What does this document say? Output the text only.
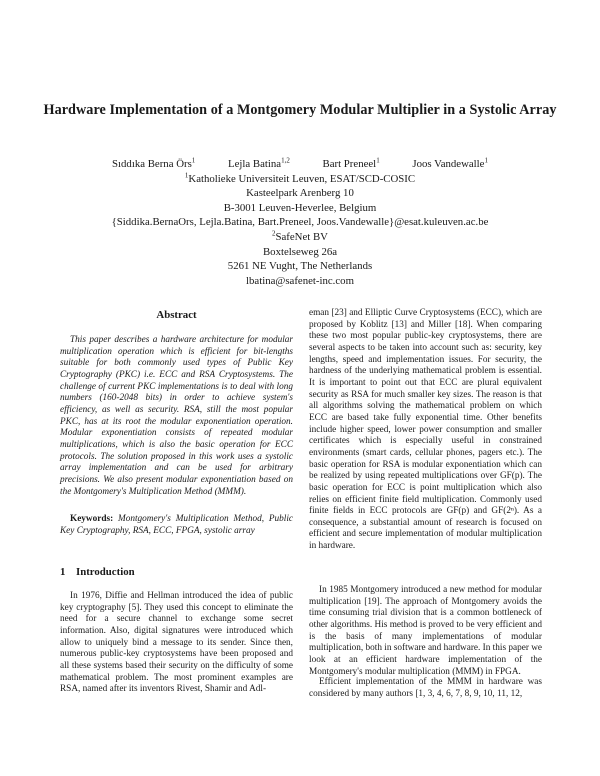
Hardware Implementation of a Montgomery Modular Multiplier in a Systolic Array
Sıddıka Berna Örs$^1$	Lejla Batina$^{1,2}$	Bart Preneel$^1$	Joos Vandewalle$^1$
$^1$Katholieke Universiteit Leuven, ESAT/SCD-COSIC
Kasteelpark Arenberg 10
B-3001 Leuven-Heverlee, Belgium
{Siddika.BernaOrs, Lejla.Batina, Bart.Preneel, Joos.Vandewalle}@esat.kuleuven.ac.be
$^2$SafeNet BV
Boxtelseweg 26a
5261 NE Vught, The Netherlands
lbatina@safenet-inc.com
Abstract

This paper describes a hardware architecture for modular multiplication operation which is efficient for bit-lengths suitable for both commonly used types of Public Key Cryptography (PKC) i.e. ECC and RSA Cryptosystems. The challenge of current PKC implementations is to deal with long numbers (160-2048 bits) in order to achieve system's efficiency, as well as security. RSA, still the most popular PKC, has at its root the modular exponentiation operation. Modular exponentiation consists of repeated modular multiplications, which is also the basic operation for ECC protocols. The solution proposed in this work uses a systolic array implementation and can be used for arbitrary precisions. We also present modular exponentiation based on the Montgomery's Multiplication Method (MMM).

Keywords: Montgomery's Multiplication Method, Public Key Cryptography, RSA, ECC, FPGA, systolic array

1 Introduction

In 1976, Diffie and Hellman introduced the idea of public key cryptography [5]. They used this concept to eliminate the need for a secure channel to exchange some secret information. Also, digital signatures were introduced which allow to uniquely bind a message to its sender. Since then, numerous public-key cryptosystems have been proposed and all these systems based their security on the difficulty of some mathematical problem. The most prominent examples are RSA, named after its inventors Rivest, Shamir and Adl-

eman [23] and Elliptic Curve Cryptosystems (ECC), which are proposed by Koblitz [13] and Miller [18]. When comparing these two most popular public-key cryptosystems, there are several aspects to be taken into account such as: security, key lengths, speed and implementation issues. For security, the hardness of the underlying mathematical problem is essential. It is important to point out that ECC are plural equivalent security as RSA for much smaller key sizes. The reason is that all algorithms solving the mathematical problem on which ECC are based take fully exponential time. Other benefits include higher speed, lower power consumption and smaller certificates which is especially useful in constrained environments (smart cards, cellular phones, pagers etc.). The basic operation for RSA is modular exponentiation which can be realized by using repeated multiplications over GF(p). The basic operation for ECC is point multiplication which also relies on efficient finite field multiplication. Commonly used finite fields in ECC protocols are GF(p) and GF(2ⁿ). As a consequence, a substantial amount of research is focused on efficient and secure implementation of modular multiplication in hardware.

In 1985 Montgomery introduced a new method for modular multiplication [19]. The approach of Montgomery avoids the time consuming trial division that is a common bottleneck of other algorithms. His method is proved to be very efficient and is the basis of many implementations of modular multiplication, both in software and hardware. In this paper we look at an efficient hardware implementation of the Montgomery's modular multiplication (MMM) in FPGA.

Efficient implementation of the MMM in hardware was considered by many authors [1, 3, 4, 6, 7, 8, 9, 10, 11, 12,
